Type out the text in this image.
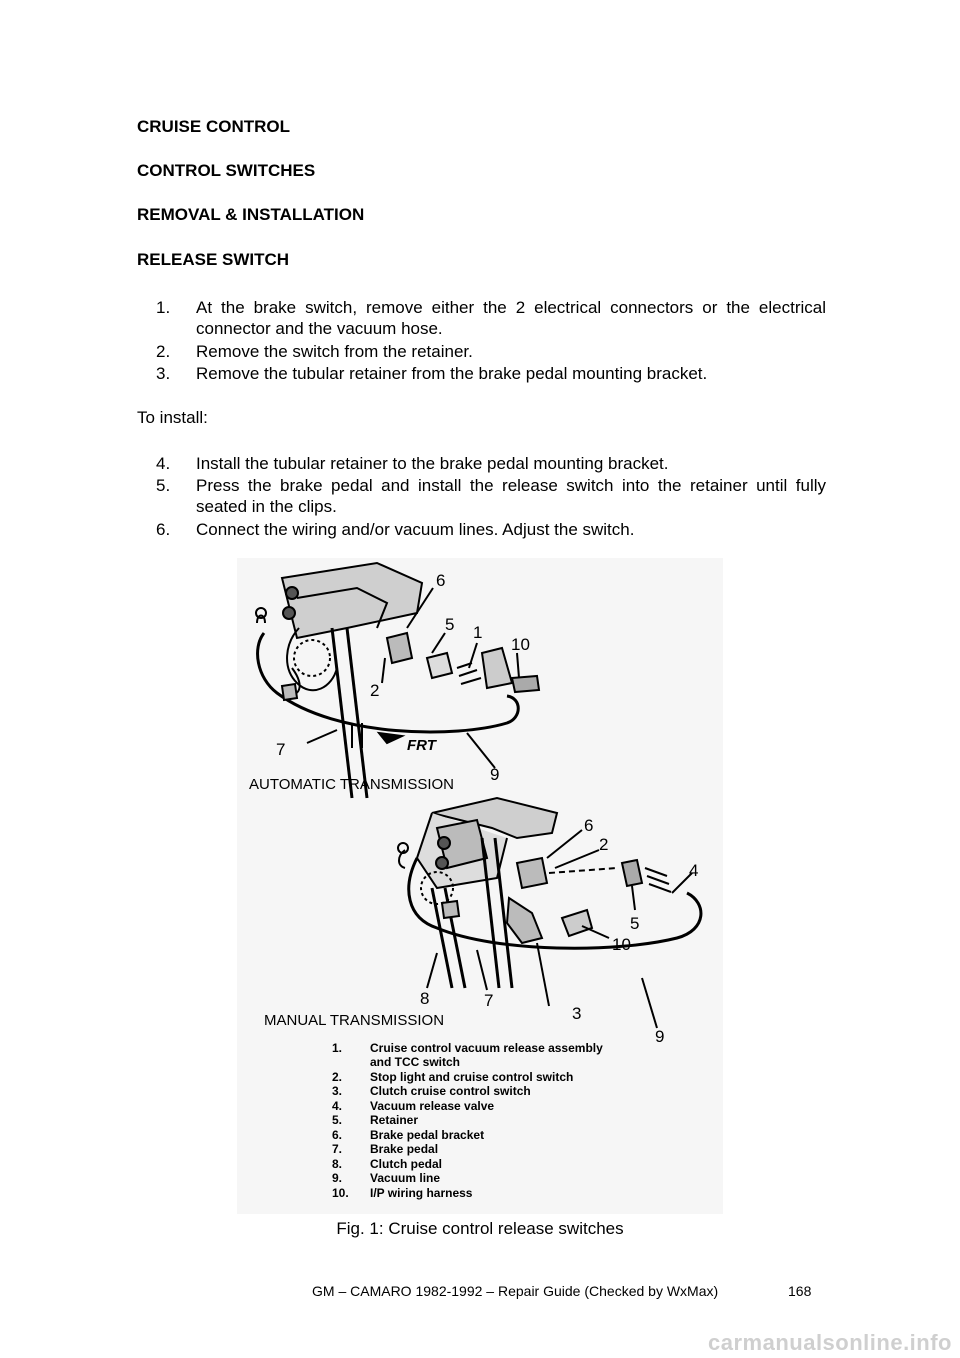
CRUISE CONTROL
CONTROL SWITCHES
REMOVAL & INSTALLATION
RELEASE SWITCH
1. At the brake switch, remove either the 2 electrical connectors or the electrical connector and the vacuum hose.
2. Remove the switch from the retainer.
3. Remove the tubular retainer from the brake pedal mounting bracket.
To install:
4. Install the tubular retainer to the brake pedal mounting bracket.
5. Press the brake pedal and install the release switch into the retainer until fully seated in the clips.
6. Connect the wiring and/or vacuum lines. Adjust the switch.
FRT
6
5 1
10
2
7
9
AUTOMATIC TRANSMISSION
6
2
4
5
10
8	7
3
9
MANUAL TRANSMISSION
1. Cruise control vacuum release assembly
and TCC switch
2. Stop light and cruise control switch
3. Clutch cruise control switch
4. Vacuum release valve
5. Retainer
6. Brake pedal bracket
7. Brake pedal
8. Clutch pedal
9. Vacuum line
10. I/P wiring harness
Fig. 1: Cruise control release switches
GM – CAMARO 1982-1992 – Repair Guide (Checked by WxMax)	168
carmanualsonline.info
